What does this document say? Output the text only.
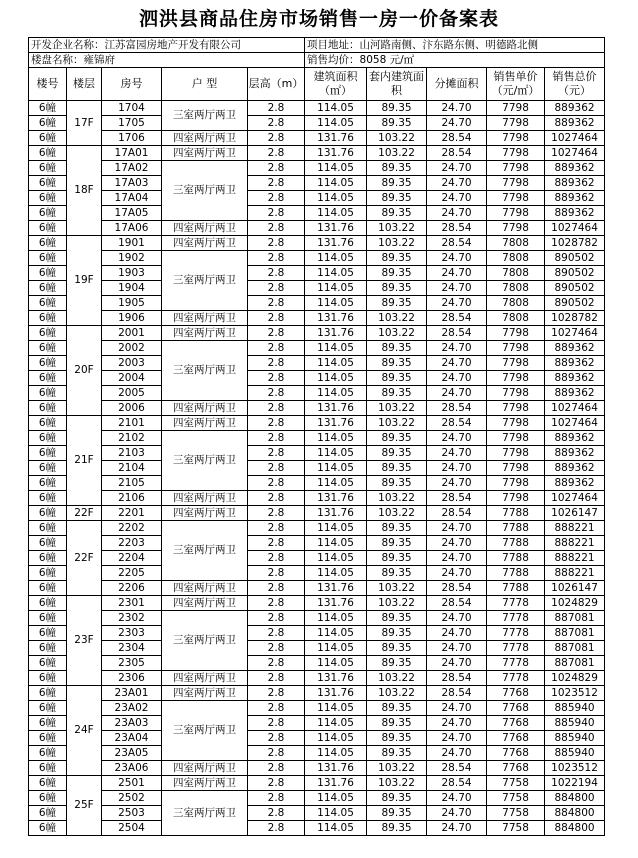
泗洪县商品住房市场销售一房一价备案表
开发企业名称：江苏富园房地产开发有限公司					项目地址：山河路南侧、汴东路东侧、明德路北侧				
楼盘名称：雍锦府					销售均价：8058 元/㎡				
楼号	楼层	房号	户 型	层高（m）	建筑面积（㎡）	套内建筑面积	分摊面积	销售单价（元/㎡）	销售总价（元）
6幢	17F	1704	三室两厅两卫	2.8	114.05	89.35	24.70	7798	889362
6幢		1705		2.8	114.05	89.35	24.70	7798	889362
6幢		1706	四室两厅两卫	2.8	131.76	103.22	28.54	7798	1027464
6幢	18F	17A01	四室两厅两卫	2.8	131.76	103.22	28.54	7798	1027464
6幢		17A02	三室两厅两卫	2.8	114.05	89.35	24.70	7798	889362
6幢		17A03		2.8	114.05	89.35	24.70	7798	889362
6幢		17A04		2.8	114.05	89.35	24.70	7798	889362
6幢		17A05		2.8	114.05	89.35	24.70	7798	889362
6幢		17A06	四室两厅两卫	2.8	131.76	103.22	28.54	7798	1027464
6幢	19F	1901	四室两厅两卫	2.8	131.76	103.22	28.54	7808	1028782
6幢		1902	三室两厅两卫	2.8	114.05	89.35	24.70	7808	890502
6幢		1903		2.8	114.05	89.35	24.70	7808	890502
6幢		1904		2.8	114.05	89.35	24.70	7808	890502
6幢		1905		2.8	114.05	89.35	24.70	7808	890502
6幢		1906	四室两厅两卫	2.8	131.76	103.22	28.54	7808	1028782
6幢	20F	2001	四室两厅两卫	2.8	131.76	103.22	28.54	7798	1027464
6幢		2002	三室两厅两卫	2.8	114.05	89.35	24.70	7798	889362
6幢		2003		2.8	114.05	89.35	24.70	7798	889362
6幢		2004		2.8	114.05	89.35	24.70	7798	889362
6幢		2005		2.8	114.05	89.35	24.70	7798	889362
6幢		2006	四室两厅两卫	2.8	131.76	103.22	28.54	7798	1027464
6幢	21F	2101	四室两厅两卫	2.8	131.76	103.22	28.54	7798	1027464
6幢		2102	三室两厅两卫	2.8	114.05	89.35	24.70	7798	889362
6幢		2103		2.8	114.05	89.35	24.70	7798	889362
6幢		2104		2.8	114.05	89.35	24.70	7798	889362
6幢		2105		2.8	114.05	89.35	24.70	7798	889362
6幢		2106	四室两厅两卫	2.8	131.76	103.22	28.54	7798	1027464
6幢	22F	2201	四室两厅两卫	2.8	131.76	103.22	28.54	7788	1026147
6幢	22F	2202	三室两厅两卫	2.8	114.05	89.35	24.70	7788	888221
6幢		2203		2.8	114.05	89.35	24.70	7788	888221
6幢		2204		2.8	114.05	89.35	24.70	7788	888221
6幢		2205		2.8	114.05	89.35	24.70	7788	888221
6幢		2206	四室两厅两卫	2.8	131.76	103.22	28.54	7788	1026147
6幢	23F	2301	四室两厅两卫	2.8	131.76	103.22	28.54	7778	1024829
6幢		2302	三室两厅两卫	2.8	114.05	89.35	24.70	7778	887081
6幢		2303		2.8	114.05	89.35	24.70	7778	887081
6幢		2304		2.8	114.05	89.35	24.70	7778	887081
6幢		2305		2.8	114.05	89.35	24.70	7778	887081
6幢		2306	四室两厅两卫	2.8	131.76	103.22	28.54	7778	1024829
6幢	24F	23A01	四室两厅两卫	2.8	131.76	103.22	28.54	7768	1023512
6幢		23A02	三室两厅两卫	2.8	114.05	89.35	24.70	7768	885940
6幢		23A03		2.8	114.05	89.35	24.70	7768	885940
6幢		23A04		2.8	114.05	89.35	24.70	7768	885940
6幢		23A05		2.8	114.05	89.35	24.70	7768	885940
6幢		23A06	四室两厅两卫	2.8	131.76	103.22	28.54	7768	1023512
6幢	25F	2501	四室两厅两卫	2.8	131.76	103.22	28.54	7758	1022194
6幢		2502	三室两厅两卫	2.8	114.05	89.35	24.70	7758	884800
6幢		2503		2.8	114.05	89.35	24.70	7758	884800
6幢		2504		2.8	114.05	89.35	24.70	7758	884800
